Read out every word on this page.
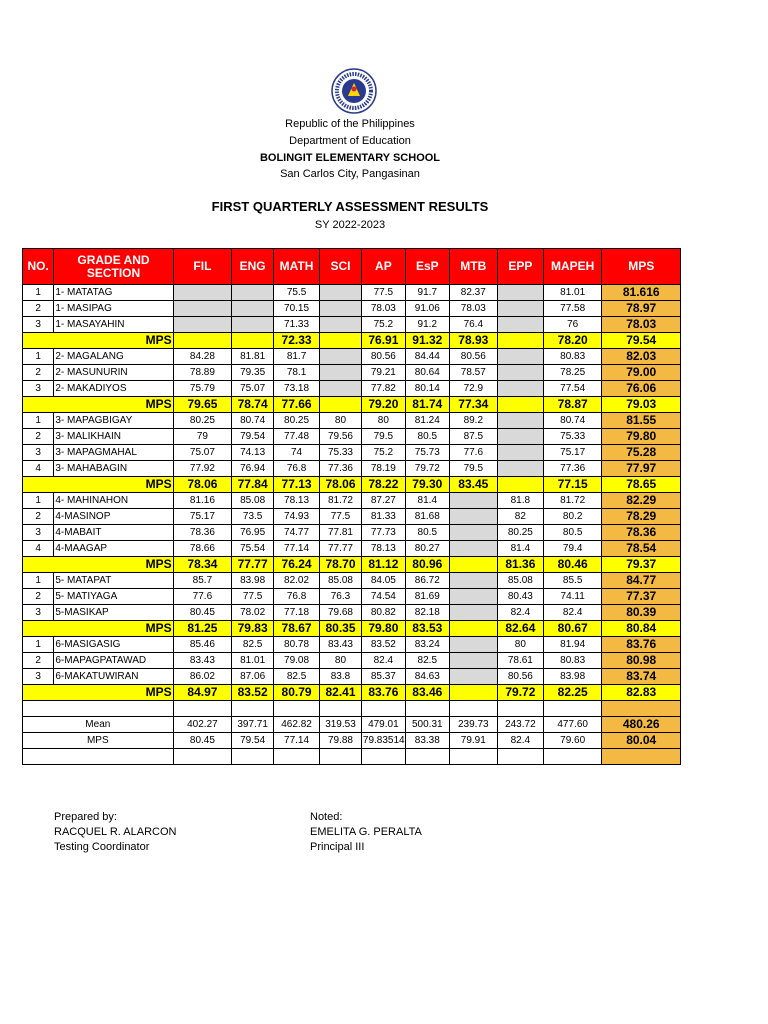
Republic of the Philippines
Department of Education
BOLINGIT ELEMENTARY SCHOOL
San Carlos City, Pangasinan
FIRST QUARTERLY ASSESSMENT RESULTS
SY 2022-2023
NO.	GRADE AND SECTION	FIL	ENG	MATH	SCI	AP	EsP	MTB	EPP	MAPEH	MPS
1	1- MATATAG			75.5		77.5	91.7	82.37		81.01	81.616
2	1- MASIPAG			70.15		78.03	91.06	78.03		77.58	78.97
3	1- MASAYAHIN			71.33		75.2	91.2	76.4		76	78.03
MPS				72.33		76.91	91.32	78.93		78.20	79.54
1	2- MAGALANG	84.28	81.81	81.7		80.56	84.44	80.56		80.83	82.03
2	2- MASUNURIN	78.89	79.35	78.1		79.21	80.64	78.57		78.25	79.00
3	2- MAKADIYOS	75.79	75.07	73.18		77.82	80.14	72.9		77.54	76.06
MPS		79.65	78.74	77.66		79.20	81.74	77.34		78.87	79.03
1	3- MAPAGBIGAY	80.25	80.74	80.25	80	80	81.24	89.2		80.74	81.55
2	3- MALIKHAIN	79	79.54	77.48	79.56	79.5	80.5	87.5		75.33	79.80
3	3- MAPAGMAHAL	75.07	74.13	74	75.33	75.2	75.73	77.6		75.17	75.28
4	3- MAHABAGIN	77.92	76.94	76.8	77.36	78.19	79.72	79.5		77.36	77.97
MPS		78.06	77.84	77.13	78.06	78.22	79.30	83.45		77.15	78.65
1	4- MAHINAHON	81.16	85.08	78.13	81.72	87.27	81.4		81.8	81.72	82.29
2	4-MASINOP	75.17	73.5	74.93	77.5	81.33	81.68		82	80.2	78.29
3	4-MABAIT	78.36	76.95	74.77	77.81	77.73	80.5		80.25	80.5	78.36
4	4-MAAGAP	78.66	75.54	77.14	77.77	78.13	80.27		81.4	79.4	78.54
MPS		78.34	77.77	76.24	78.70	81.12	80.96		81.36	80.46	79.37
1	5- MATAPAT	85.7	83.98	82.02	85.08	84.05	86.72		85.08	85.5	84.77
2	5- MATIYAGA	77.6	77.5	76.8	76.3	74.54	81.69		80.43	74.11	77.37
3	5-MASIKAP	80.45	78.02	77.18	79.68	80.82	82.18		82.4	82.4	80.39
MPS		81.25	79.83	78.67	80.35	79.80	83.53		82.64	80.67	80.84
1	6-MASIGASIG	85.46	82.5	80.78	83.43	83.52	83.24		80	81.94	83.76
2	6-MAPAGPATAWAD	83.43	81.01	79.08	80	82.4	82.5		78.61	80.83	80.98
3	6-MAKATUWIRAN	86.02	87.06	82.5	83.8	85.37	84.63		80.56	83.98	83.74
MPS		84.97	83.52	80.79	82.41	83.76	83.46		79.72	82.25	82.83

Mean		402.27	397.71	462.82	319.53	479.01	500.31	239.73	243.72	477.60	480.26
MPS		80.45	79.54	77.14	79.88	79.83514	83.38	79.91	82.4	79.60	80.04

Prepared by:
RACQUEL R. ALARCON
Testing Coordinator
Noted:
EMELITA G. PERALTA
Principal III
